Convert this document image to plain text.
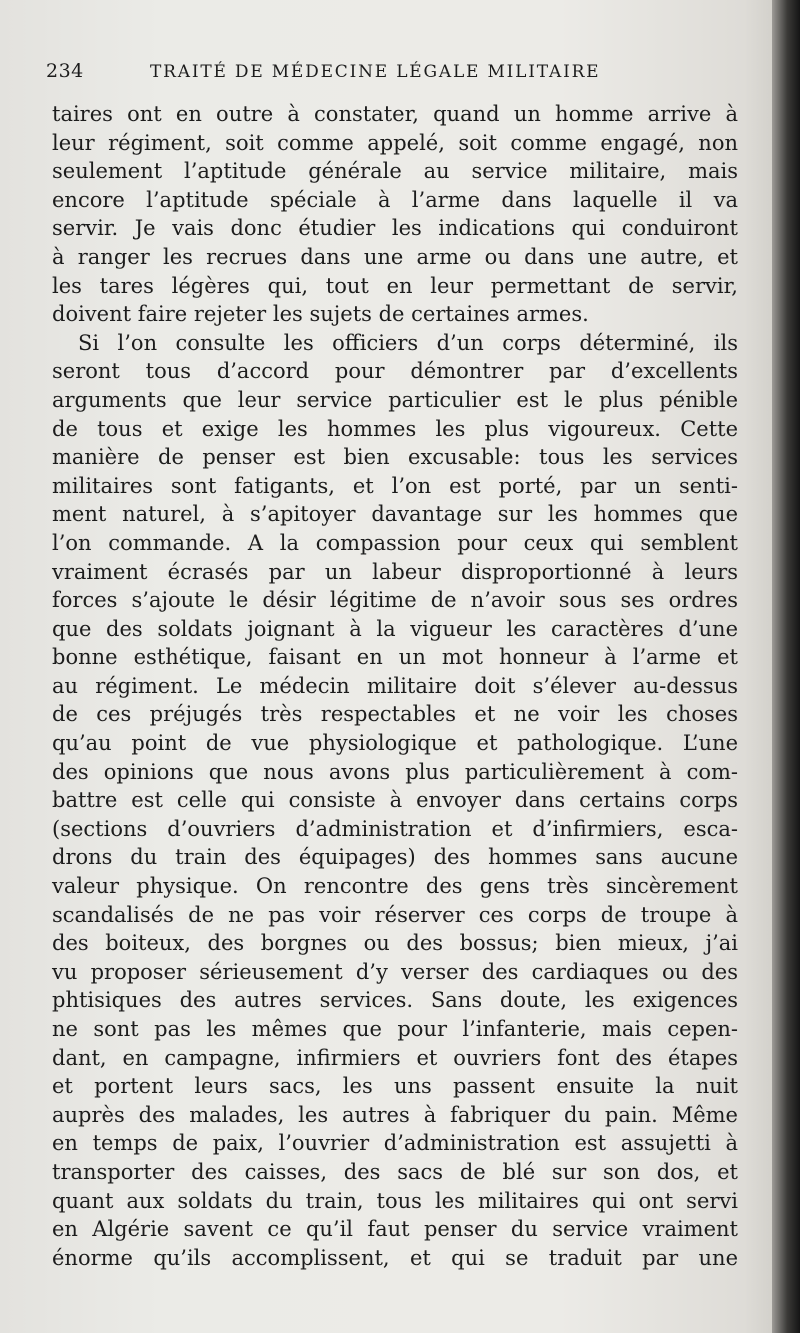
234	TRAITÉ DE MÉDECINE LÉGALE MILITAIRE
taires ont en outre à constater, quand un homme arrive à
leur régiment, soit comme appelé, soit comme engagé, non
seulement l’aptitude générale au service militaire, mais
encore l’aptitude spéciale à l’arme dans laquelle il va
servir. Je vais donc étudier les indications qui conduiront
à ranger les recrues dans une arme ou dans une autre, et
les tares légères qui, tout en leur permettant de servir,
doivent faire rejeter les sujets de certaines armes.
Si l’on consulte les officiers d’un corps déterminé, ils
seront tous d’accord pour démontrer par d’excellents
arguments que leur service particulier est le plus pénible
de tous et exige les hommes les plus vigoureux. Cette
manière de penser est bien excusable: tous les services
militaires sont fatigants, et l’on est porté, par un senti-
ment naturel, à s’apitoyer davantage sur les hommes que
l’on commande. A la compassion pour ceux qui semblent
vraiment écrasés par un labeur disproportionné à leurs
forces s’ajoute le désir légitime de n’avoir sous ses ordres
que des soldats joignant à la vigueur les caractères d’une
bonne esthétique, faisant en un mot honneur à l’arme et
au régiment. Le médecin militaire doit s’élever au-dessus
de ces préjugés très respectables et ne voir les choses
qu’au point de vue physiologique et pathologique. L’une
des opinions que nous avons plus particulièrement à com-
battre est celle qui consiste à envoyer dans certains corps
(sections d’ouvriers d’administration et d’infirmiers, esca-
drons du train des équipages) des hommes sans aucune
valeur physique. On rencontre des gens très sincèrement
scandalisés de ne pas voir réserver ces corps de troupe à
des boiteux, des borgnes ou des bossus; bien mieux, j’ai
vu proposer sérieusement d’y verser des cardiaques ou des
phtisiques des autres services. Sans doute, les exigences
ne sont pas les mêmes que pour l’infanterie, mais cepen-
dant, en campagne, infirmiers et ouvriers font des étapes
et portent leurs sacs, les uns passent ensuite la nuit
auprès des malades, les autres à fabriquer du pain. Même
en temps de paix, l’ouvrier d’administration est assujetti à
transporter des caisses, des sacs de blé sur son dos, et
quant aux soldats du train, tous les militaires qui ont servi
en Algérie savent ce qu’il faut penser du service vraiment
énorme qu’ils accomplissent, et qui se traduit par une
